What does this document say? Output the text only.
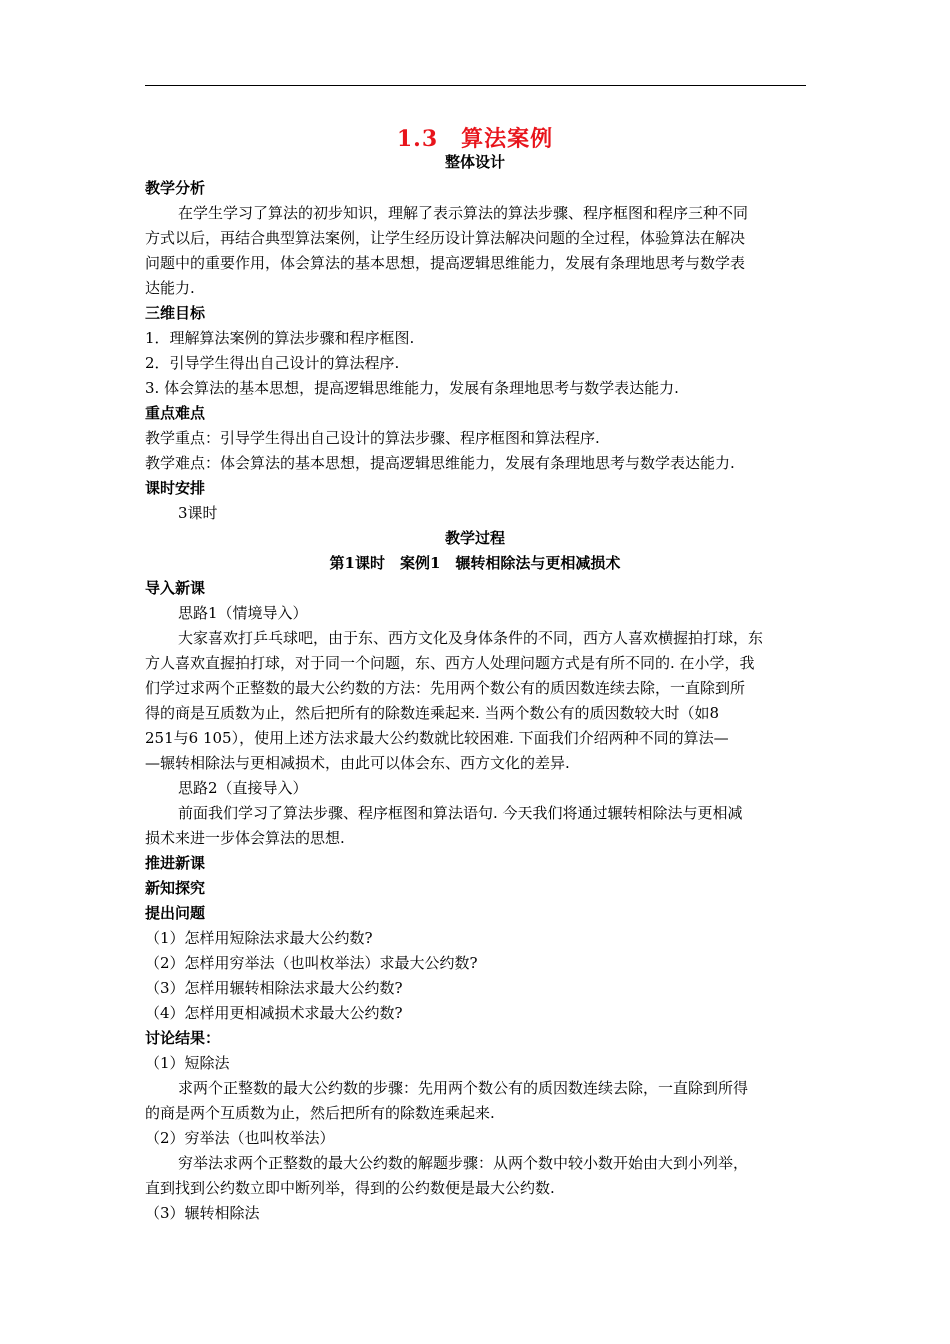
1.3　算法案例
整体设计
教学分析
在学生学习了算法的初步知识，理解了表示算法的算法步骤、程序框图和程序三种不同
方式以后，再结合典型算法案例，让学生经历设计算法解决问题的全过程，体验算法在解决
问题中的重要作用，体会算法的基本思想，提高逻辑思维能力，发展有条理地思考与数学表
达能力.
三维目标
1．理解算法案例的算法步骤和程序框图.
2．引导学生得出自己设计的算法程序.
3. 体会算法的基本思想，提高逻辑思维能力，发展有条理地思考与数学表达能力.
重点难点
教学重点：引导学生得出自己设计的算法步骤、程序框图和算法程序.
教学难点：体会算法的基本思想，提高逻辑思维能力，发展有条理地思考与数学表达能力.
课时安排
3课时
教学过程
第1课时　案例1　辗转相除法与更相减损术
导入新课
思路1（情境导入）
大家喜欢打乒乓球吧，由于东、西方文化及身体条件的不同，西方人喜欢横握拍打球，东
方人喜欢直握拍打球，对于同一个问题，东、西方人处理问题方式是有所不同的. 在小学，我
们学过求两个正整数的最大公约数的方法：先用两个数公有的质因数连续去除，一直除到所
得的商是互质数为止，然后把所有的除数连乘起来. 当两个数公有的质因数较大时（如8
251与6 105），使用上述方法求最大公约数就比较困难. 下面我们介绍两种不同的算法—
—辗转相除法与更相减损术，由此可以体会东、西方文化的差异.
思路2（直接导入）
前面我们学习了算法步骤、程序框图和算法语句. 今天我们将通过辗转相除法与更相减
损术来进一步体会算法的思想.
推进新课
新知探究
提出问题
（1）怎样用短除法求最大公约数?
（2）怎样用穷举法（也叫枚举法）求最大公约数?
（3）怎样用辗转相除法求最大公约数?
（4）怎样用更相减损术求最大公约数?
讨论结果：
（1）短除法
求两个正整数的最大公约数的步骤：先用两个数公有的质因数连续去除，一直除到所得
的商是两个互质数为止，然后把所有的除数连乘起来.
（2）穷举法（也叫枚举法）
穷举法求两个正整数的最大公约数的解题步骤：从两个数中较小数开始由大到小列举，
直到找到公约数立即中断列举，得到的公约数便是最大公约数.
（3）辗转相除法
